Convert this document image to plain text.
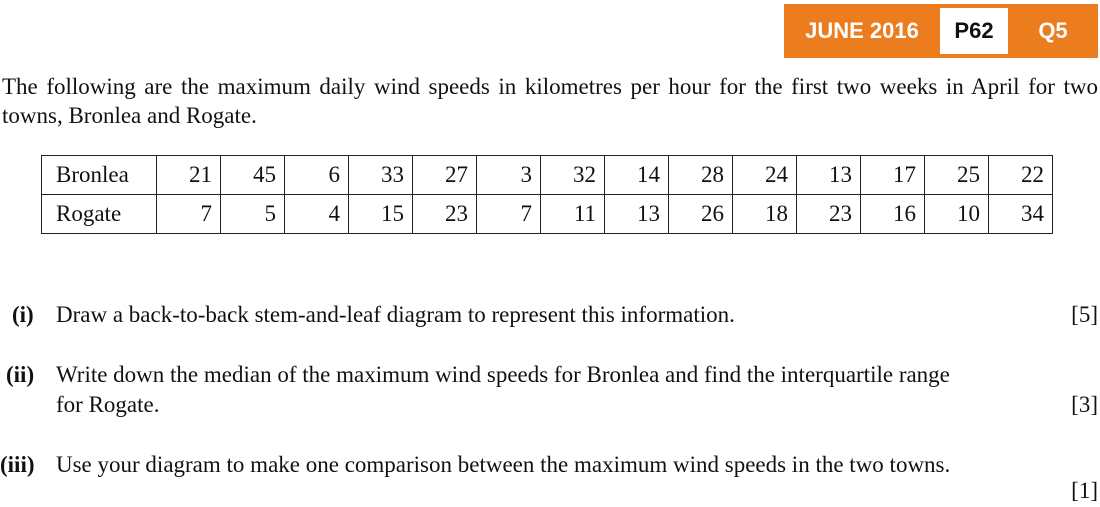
JUNE 2016	P62	Q5
The following are the maximum daily wind speeds in kilometres per hour for the first two weeks in April for two towns, Bronlea and Rogate.
Bronlea	21	45	6	33	27	3	32	14	28	24	13	17	25	22
Rogate	7	5	4	15	23	7	11	13	26	18	23	16	10	34
(i) Draw a back-to-back stem-and-leaf diagram to represent this information.	[5]
(ii) Write down the median of the maximum wind speeds for Bronlea and find the interquartile range
for Rogate.	[3]
(iii) Use your diagram to make one comparison between the maximum wind speeds in the two towns.
[1]
